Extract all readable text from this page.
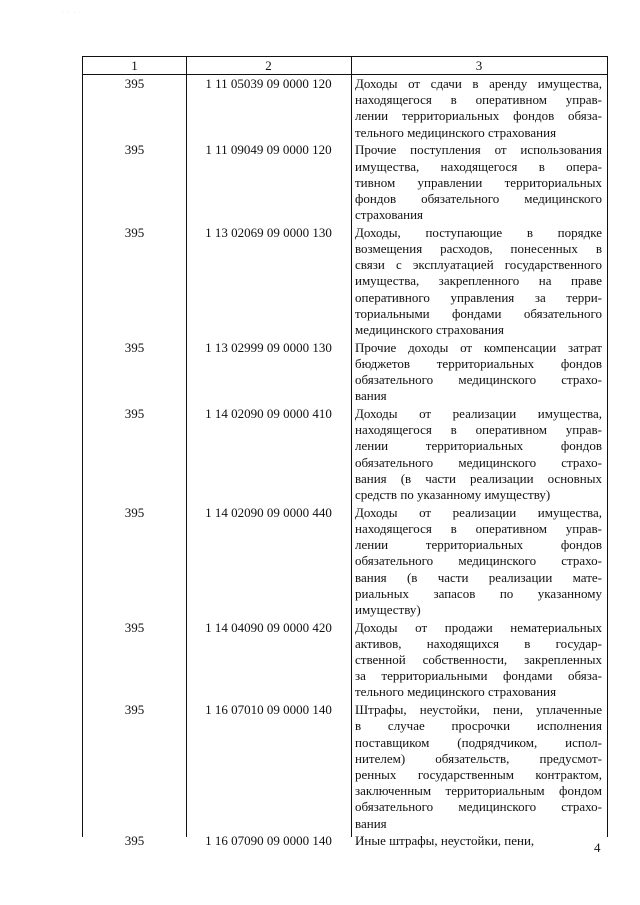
· · · ·
1	2	3
395	1 11 05039 09 0000 120	Доходы от сдачи в аренду имущества,
находящегося в оперативном управ-
лении территориальных фондов обяза-
тельного медицинского страхования
395	1 11 09049 09 0000 120	Прочие поступления от использования
имущества, находящегося в опера-
тивном управлении территориальных
фондов обязательного медицинского
страхования
395	1 13 02069 09 0000 130	Доходы, поступающие в порядке
возмещения расходов, понесенных в
связи с эксплуатацией государственного
имущества, закрепленного на праве
оперативного управления за терри-
ториальными фондами обязательного
медицинского страхования
395	1 13 02999 09 0000 130	Прочие доходы от компенсации затрат
бюджетов территориальных фондов
обязательного медицинского страхо-
вания
395	1 14 02090 09 0000 410	Доходы от реализации имущества,
находящегося в оперативном управ-
лении территориальных фондов
обязательного медицинского страхо-
вания (в части реализации основных
средств по указанному имуществу)
395	1 14 02090 09 0000 440	Доходы от реализации имущества,
находящегося в оперативном управ-
лении территориальных фондов
обязательного медицинского страхо-
вания (в части реализации мате-
риальных запасов по указанному
имуществу)
395	1 14 04090 09 0000 420	Доходы от продажи нематериальных
активов, находящихся в государ-
ственной собственности, закрепленных
за территориальными фондами обяза-
тельного медицинского страхования
395	1 16 07010 09 0000 140	Штрафы, неустойки, пени, уплаченные
в случае просрочки исполнения
поставщиком (подрядчиком, испол-
нителем) обязательств, предусмот-
ренных государственным контрактом,
заключенным территориальным фондом
обязательного медицинского страхо-
вания
395	1 16 07090 09 0000 140	Иные штрафы, неустойки, пени,	4
